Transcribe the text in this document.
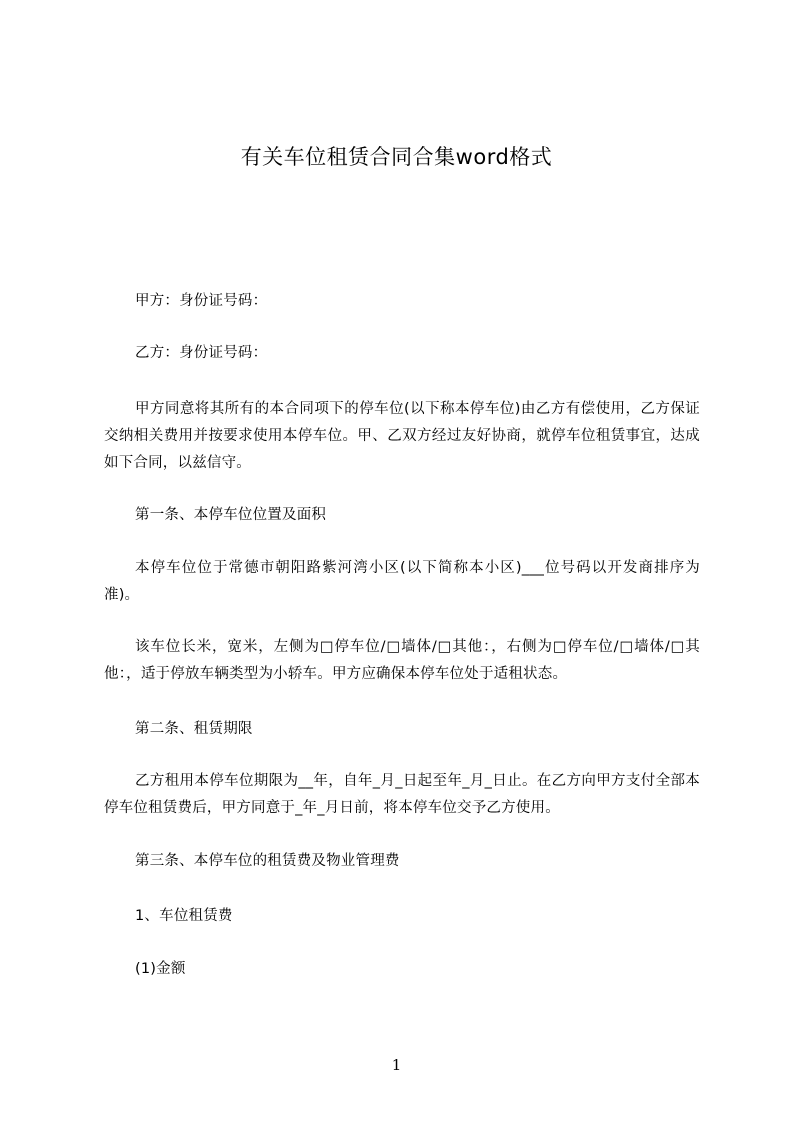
有关车位租赁合同合集word格式
甲方：身份证号码：
乙方：身份证号码：
甲方同意将其所有的本合同项下的停车位(以下称本停车位)由乙方有偿使用，乙方保证交纳相关费用并按要求使用本停车位。甲、乙双方经过友好协商，就停车位租赁事宜，达成如下合同，以兹信守。
第一条、本停车位位置及面积
本停车位位于常德市朝阳路紫河湾小区(以下简称本小区)___位号码以开发商排序为准)。
该车位长米，宽米，左侧为□停车位/□墙体/□其他：，右侧为□停车位/□墙体/□其他：，适于停放车辆类型为小轿车。甲方应确保本停车位处于适租状态。
第二条、租赁期限
乙方租用本停车位期限为__年，自年_月_日起至年_月_日止。在乙方向甲方支付全部本停车位租赁费后，甲方同意于_年_月日前，将本停车位交予乙方使用。
第三条、本停车位的租赁费及物业管理费
1、车位租赁费
(1)金额
1
